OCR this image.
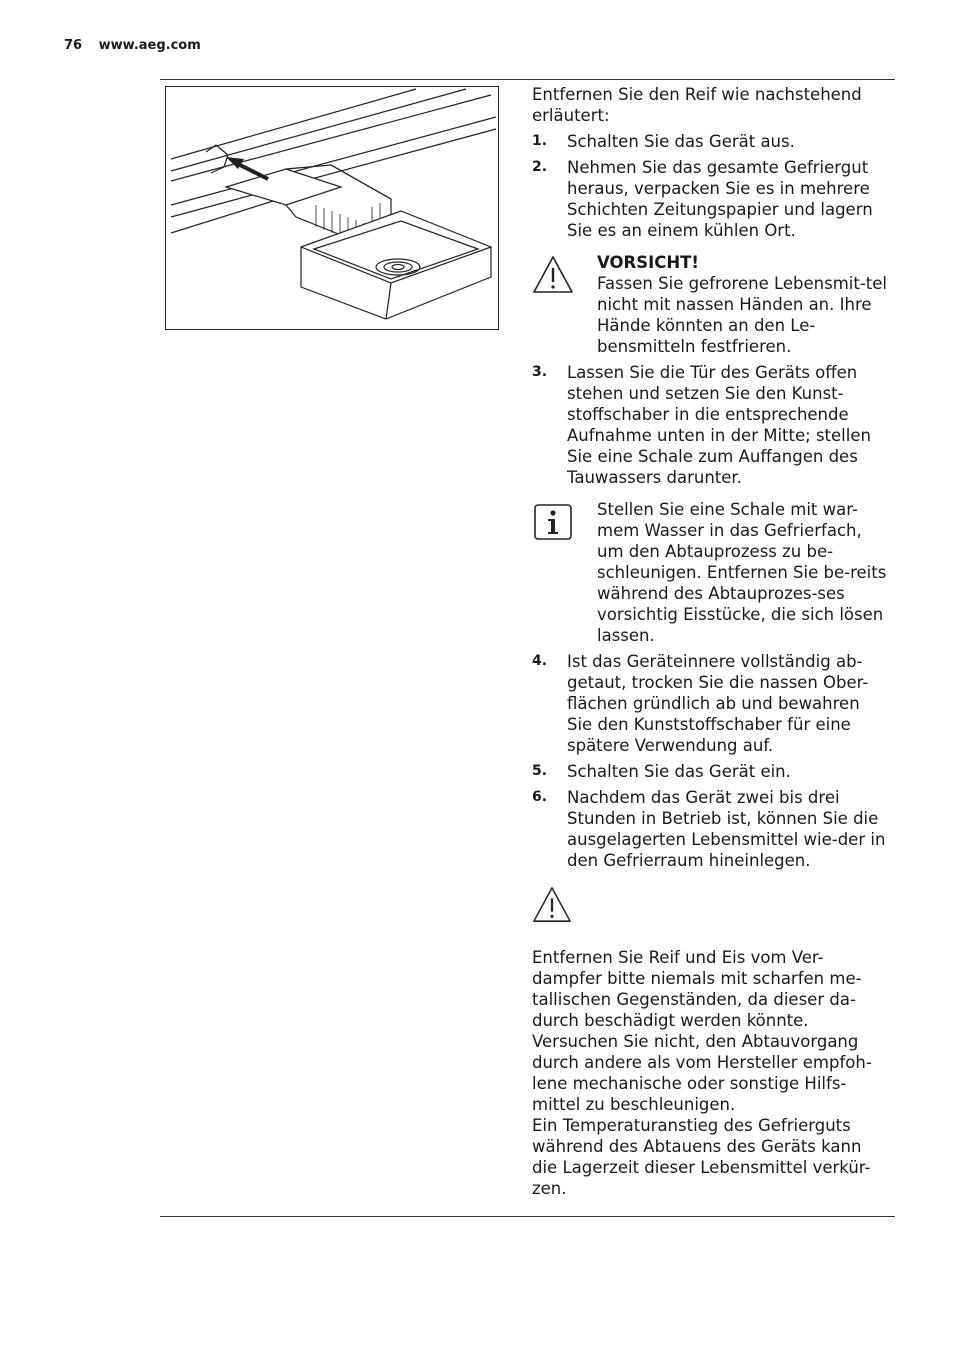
76 www.aeg.com

Entfernen Sie den Reif wie nachstehend erläutert:

1. Schalten Sie das Gerät aus.
2. Nehmen Sie das gesamte Gefriergut heraus, verpacken Sie es in mehrere Schichten Zeitungspapier und lagern Sie es an einem kühlen Ort.
VORSICHT!
Fassen Sie gefrorene Lebensmit-tel nicht mit nassen Händen an. Ihre Hände könnten an den Le-bensmitteln festfrieren.
3. Lassen Sie die Tür des Geräts offen stehen und setzen Sie den Kunst-stoffschaber in die entsprechende Aufnahme unten in der Mitte; stellen Sie eine Schale zum Auffangen des Tauwassers darunter.
Stellen Sie eine Schale mit war-mem Wasser in das Gefrierfach, um den Abtauprozess zu be-schleunigen. Entfernen Sie be-reits während des Abtauprozes-ses vorsichtig Eisstücke, die sich lösen lassen.
4. Ist das Geräteinnere vollständig ab-getaut, trocken Sie die nassen Ober-flächen gründlich ab und bewahren Sie den Kunststoffschaber für eine spätere Verwendung auf.
5. Schalten Sie das Gerät ein.
6. Nachdem das Gerät zwei bis drei Stunden in Betrieb ist, können Sie die ausgelagerten Lebensmittel wie-der in den Gefrierraum hineinlegen.

Entfernen Sie Reif und Eis vom Ver-dampfer bitte niemals mit scharfen me-tallischen Gegenständen, da dieser da-durch beschädigt werden könnte.

Versuchen Sie nicht, den Abtauvorgang durch andere als vom Hersteller empfoh-lene mechanische oder sonstige Hilfs-mittel zu beschleunigen.

Ein Temperaturanstieg des Gefrierguts während des Abtauens des Geräts kann die Lagerzeit dieser Lebensmittel verkür-zen.
